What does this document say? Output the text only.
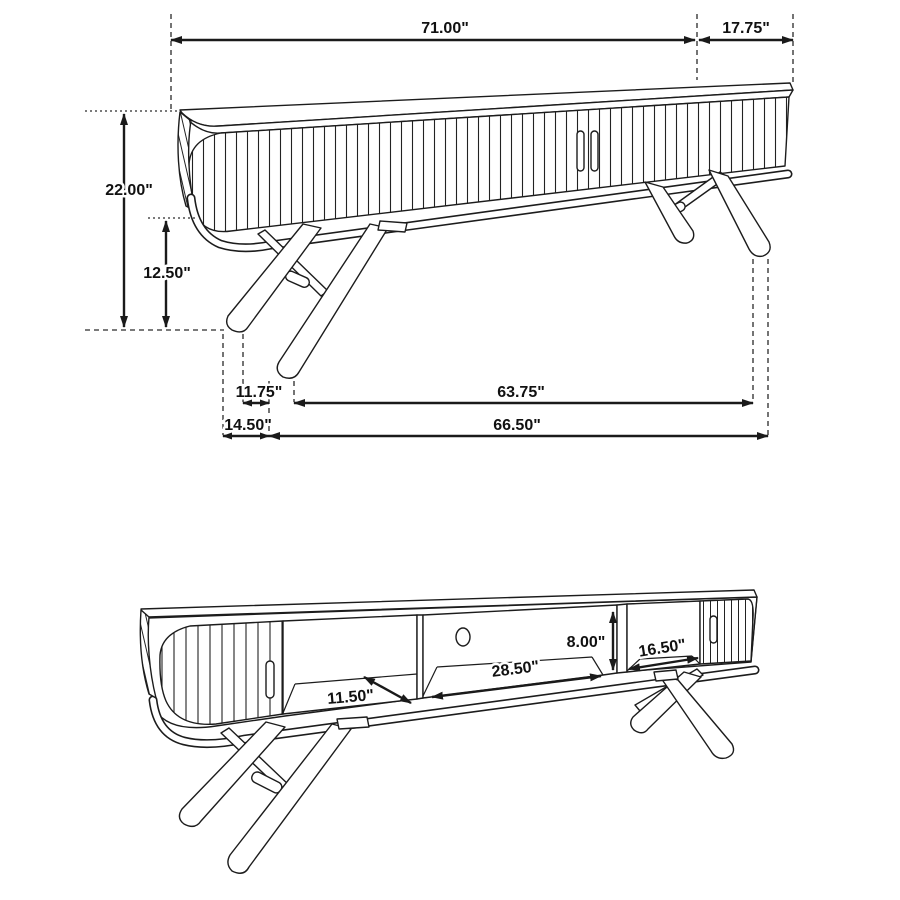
71.00"	17.75"
22.00"
12.50"
11.75"	63.75"
14.50"	66.50"
8.00" 16.50"
28.50"
11.50"
